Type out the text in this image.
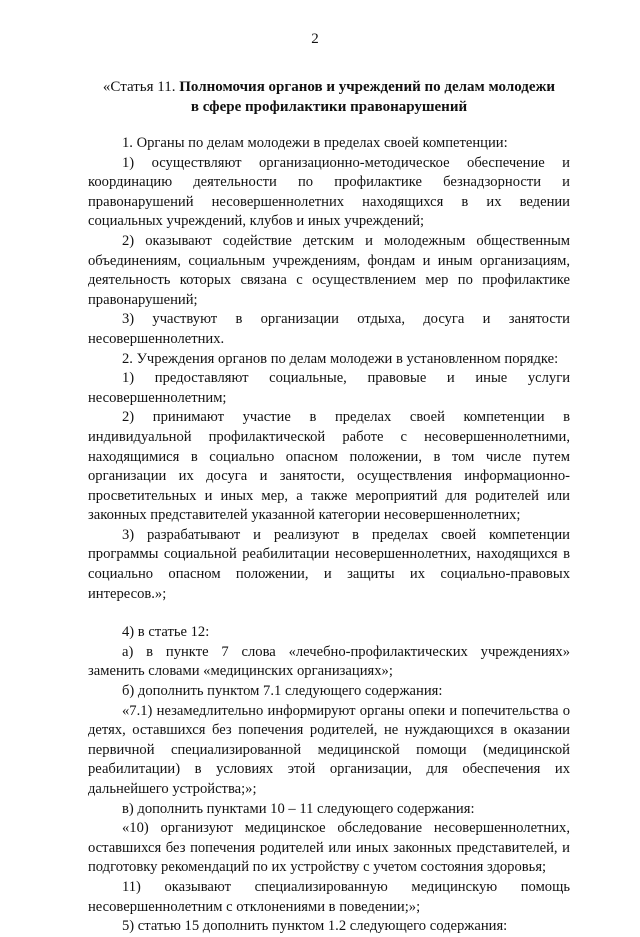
2
«Статья 11. Полномочия органов и учреждений по делам молодежи
в сфере профилактики правонарушений

1. Органы по делам молодежи в пределах своей компетенции:

1) осуществляют организационно-методическое обеспечение и координацию деятельности по профилактике безнадзорности и правонарушений несовершеннолетних находящихся в их ведении социальных учреждений, клубов и иных учреждений;

2) оказывают содействие детским и молодежным общественным объединениям, социальным учреждениям, фондам и иным организациям, деятельность которых связана с осуществлением мер по профилактике правонарушений;

3) участвуют в организации отдыха, досуга и занятости несовершеннолетних.

2. Учреждения органов по делам молодежи в установленном порядке:

1) предоставляют социальные, правовые и иные услуги несовершеннолетним;

2) принимают участие в пределах своей компетенции в индивидуальной профилактической работе с несовершеннолетними, находящимися в социально опасном положении, в том числе путем организации их досуга и занятости, осуществления информационно-просветительных и иных мер, а также мероприятий для родителей или законных представителей указанной категории несовершеннолетних;

3) разрабатывают и реализуют в пределах своей компетенции программы социальной реабилитации несовершеннолетних, находящихся в социально опасном положении, и защиты их социально-правовых интересов.»;

4) в статье 12:

а) в пункте 7 слова «лечебно-профилактических учреждениях» заменить словами «медицинских организациях»;

б) дополнить пунктом 7.1 следующего содержания:

«7.1) незамедлительно информируют органы опеки и попечительства о детях, оставшихся без попечения родителей, не нуждающихся в оказании первичной специализированной медицинской помощи (медицинской реабилитации) в условиях этой организации, для обеспечения их дальнейшего устройства;»;

в) дополнить пунктами 10 – 11 следующего содержания:

«10) организуют медицинское обследование несовершеннолетних, оставшихся без попечения родителей или иных законных представителей, и подготовку рекомендаций по их устройству с учетом состояния здоровья;

11) оказывают специализированную медицинскую помощь несовершеннолетним с отклонениями в поведении;»;

5) статью 15 дополнить пунктом 1.2 следующего содержания:
